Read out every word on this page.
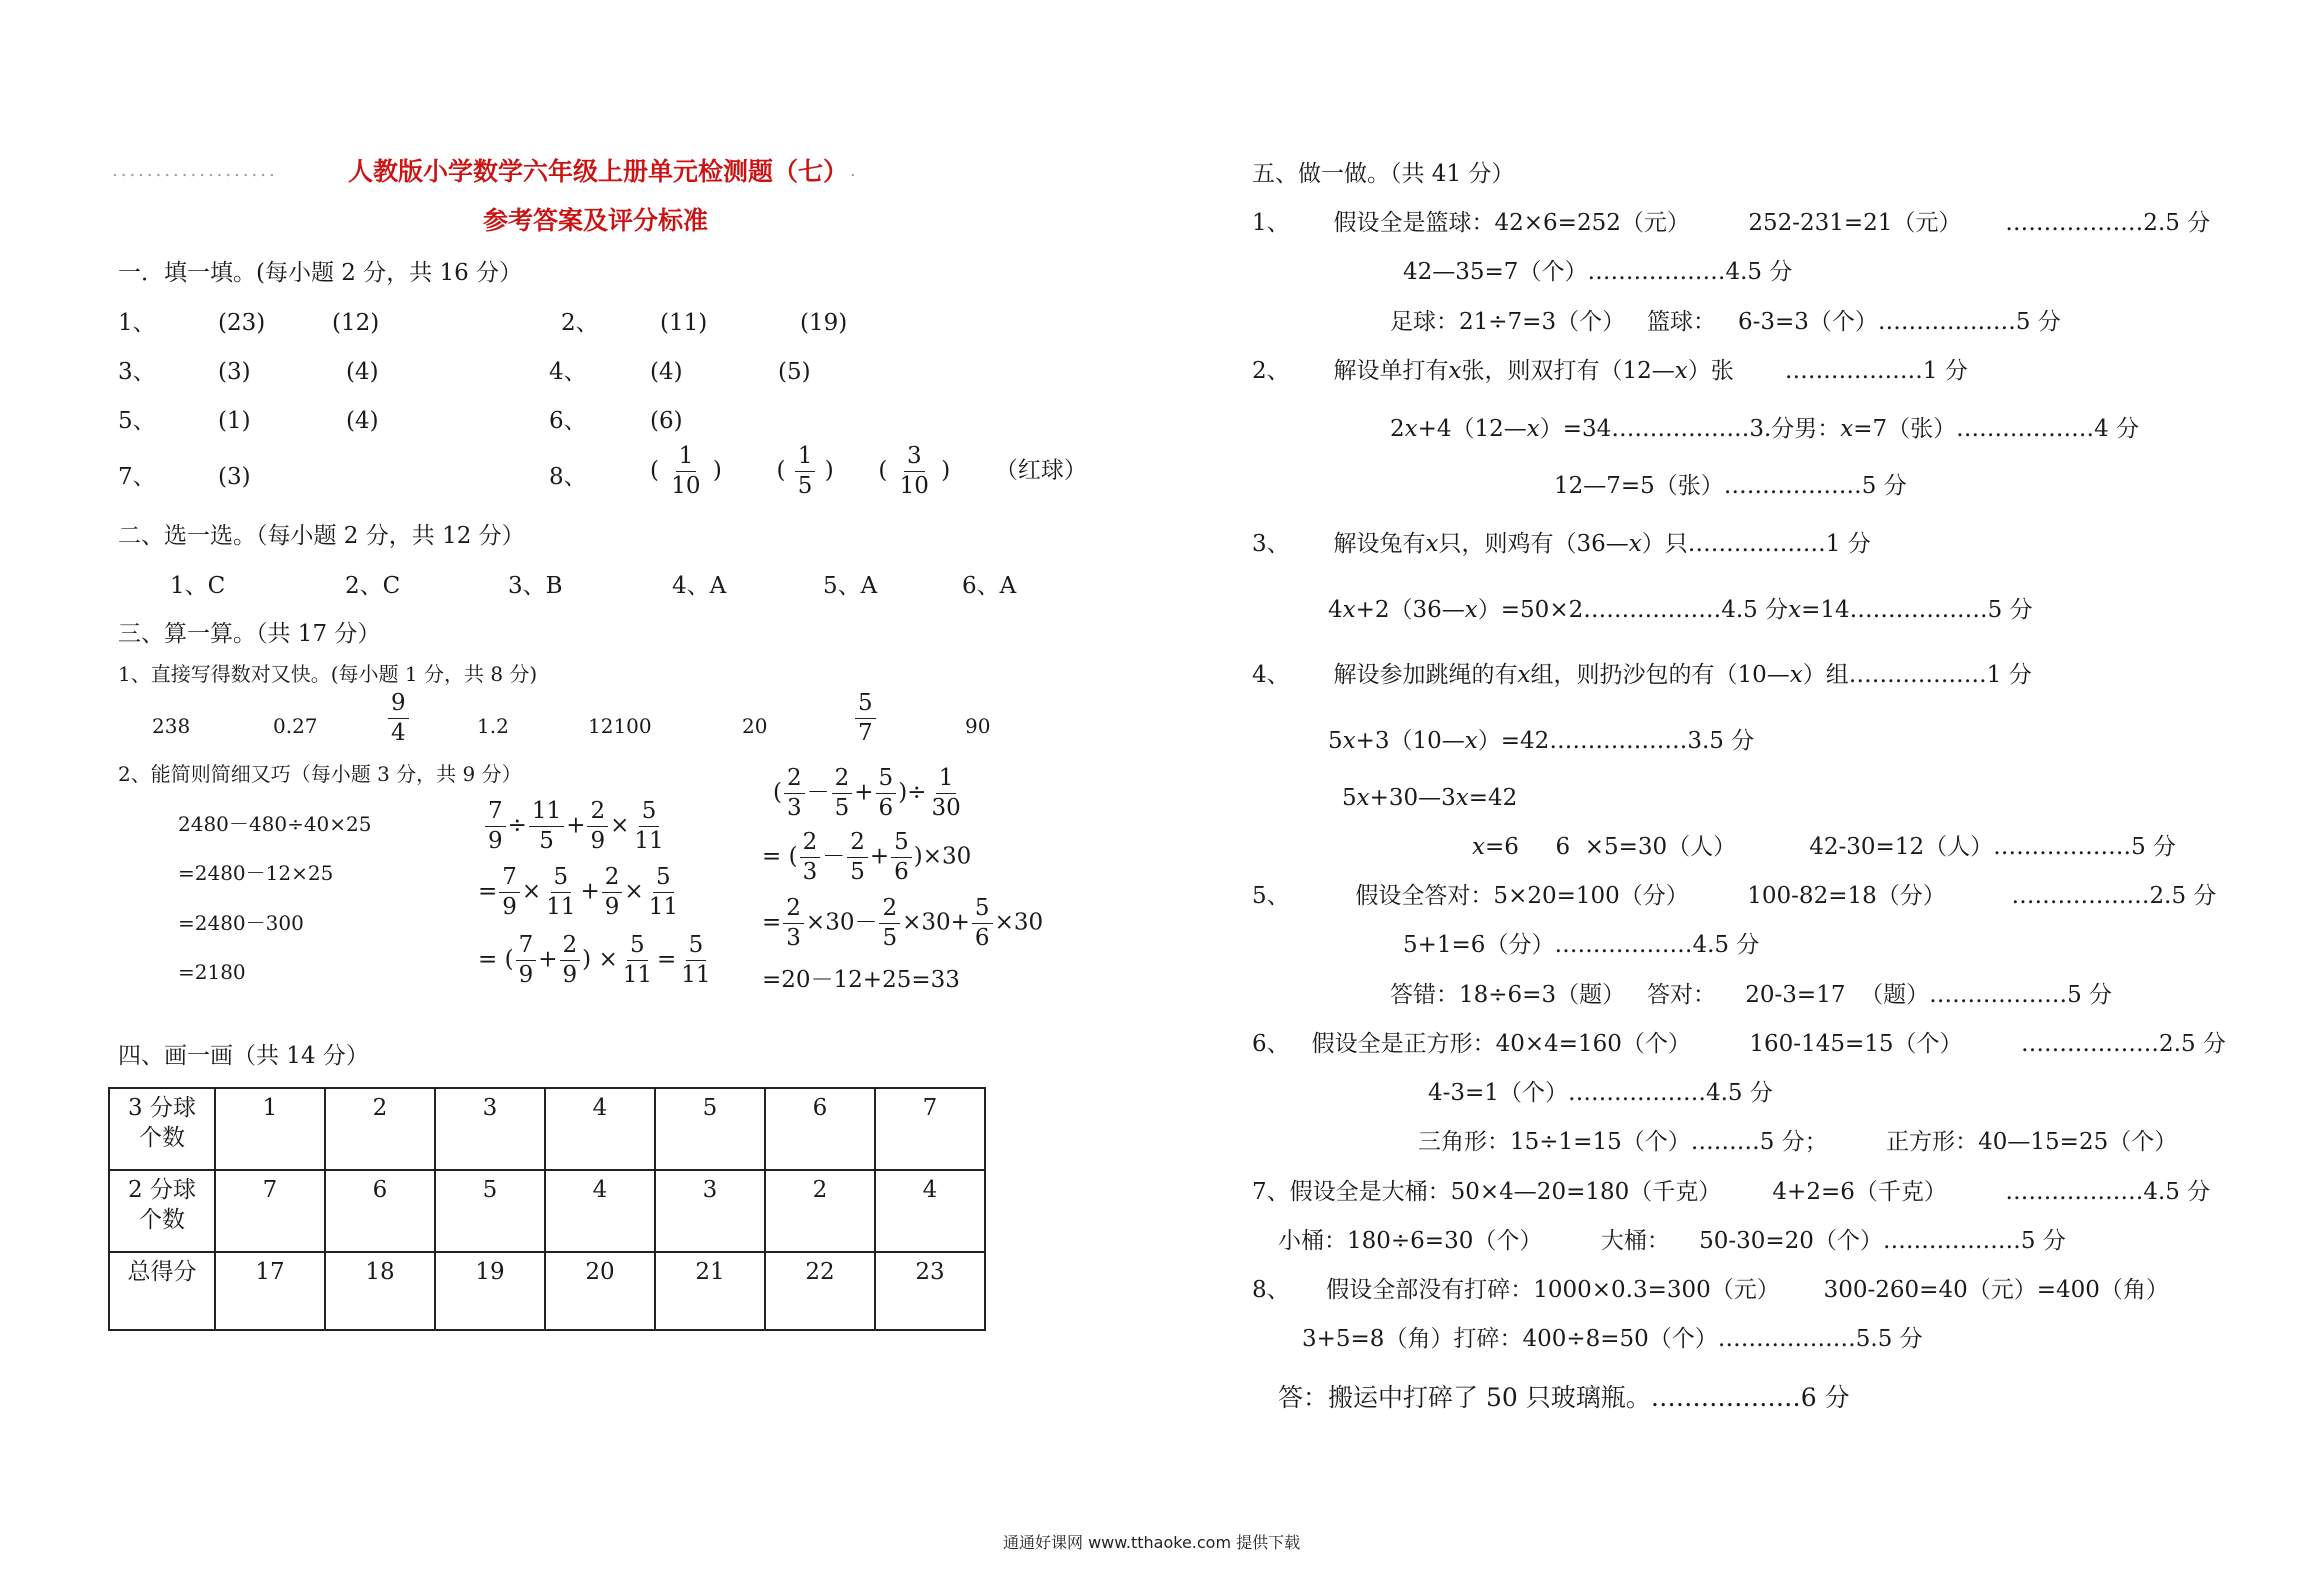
...................	人教版小学数学六年级上册单元检测题（七） .
参考答案及评分标准
一．填一填。(每小题 2 分，共 16 分）
1、	(23)	(12)	2、	(11)	(19)
3、	(3)	(4)	4、	(4)	(5)
5、	(1)	(4)	6、	(6)
7、	(3)	8、	( $\frac{1}{10}$ ) ( $\frac{1}{5}$ ) ( $\frac{3}{10}$ ) （红球）
二、选一选。（每小题 2 分，共 12 分）
1、C	2、C	3、B	4、A	5、A	6、A
三、算一算。（共 17 分）
1、直接写得数对又快。(每小题 1 分，共 8 分)
238	0.27	$\frac{9}{4}$	1.2	12100	20	$\frac{5}{7}$	90
2、能简则简细又巧（每小题 3 分，共 9 分）
2480－480÷40×25
=2480－12×25
=2480－300
=2180
$\frac{7}{9} \div \frac{11}{5} + \frac{2}{9} \times \frac{5}{11}$
= $\frac{7}{9} \times \frac{5}{11} + \frac{2}{9} \times \frac{5}{11}$
= ( $\frac{7}{9} + \frac{2}{9}$ ) × $\frac{5}{11} = \frac{5}{11}$
( $\frac{2}{3} - \frac{2}{5} + \frac{5}{6}$ )÷ $\frac{1}{30}$
= ( $\frac{2}{3} - \frac{2}{5} + \frac{5}{6} )\times 30$
= $\frac{2}{3} \times 30- \frac{2}{5} \times 30+ \frac{5}{6} \times 30$
=20－12+25=33
四、画一画（共 14 分）
3 分球
个数	1	2	3	4	5	6	7
2 分球
个数	7	6	5	4	3	2	4
总得分	17	18	19	20	21	22	23
五、做一做。（共 41 分）
1、      假设全是篮球：42×6=252（元）        252-231=21（元）      ………………2.5 分
42—35=7（个）………………4.5 分
足球：21÷7=3（个）   篮球：   6-3=3（个）………………5 分
2、      解设单打有x张，则双打有（12—x）张       ………………1 分
2x+4（12—x）=34………………3.分男：x=7（张）………………4 分
12—7=5（张）………………5 分
3、      解设兔有x只，则鸡有（36—x）只………………1 分
4x+2（36—x）=50×2………………4.5 分x=14………………5 分
4、      解设参加跳绳的有x组，则扔沙包的有（10—x）组………………1 分
5x+3（10—x）=42………………3.5 分
5x+30—3x=42
x=6     6  ×5=30（人）          42-30=12（人）………………5 分
5、         假设全答对：5×20=100（分）        100-82=18（分）         ………………2.5 分
5+1=6（分）………………4.5 分
答错：18÷6=3（题）   答对：    20-3=17  （题）………………5 分
6、   假设全是正方形：40×4=160（个）        160-145=15（个）        ………………2.5 分
4-3=1（个）………………4.5 分
三角形：15÷1=15（个）………5 分；        正方形：40—15=25（个）
7、假设全是大桶：50×4—20=180（千克）       4+2=6（千克）        ………………4.5 分
小桶：180÷6=30（个）        大桶：    50-30=20（个）………………5 分
8、     假设全部没有打碎：1000×0.3=300（元）      300-260=40（元）=400（角）
3+5=8（角）打碎：400÷8=50（个）………………5.5 分
答：搬运中打碎了 50 只玻璃瓶。………………6 分
通通好课网 www.tthaoke.com 提供下载
